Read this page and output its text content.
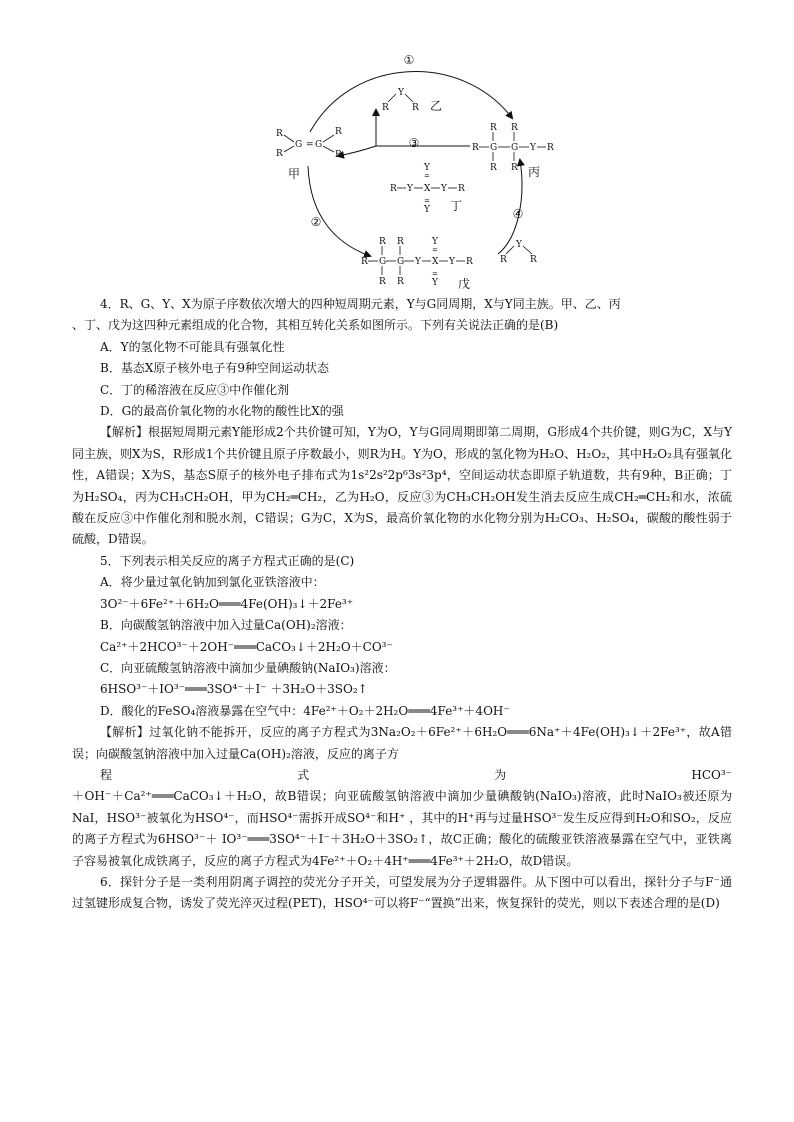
①
②
③
④
R
R
G = G
R
R
甲
Y
R	R 乙
R R
R G G Y R
R R 丙
Y
=
R Y X Y R
=
Y 丁
R R	Y
=
R G G Y X Y R
R R
=
Y 戊
Y
R	R

4．R、G、Y、X为原子序数依次增大的四种短周期元素，Y与G同周期，X与Y同主族。甲、乙、丙

、丁、戊为这四种元素组成的化合物，其相互转化关系如图所示。下列有关说法正确的是(B)

A．Y的氢化物不可能具有强氧化性

B．基态X原子核外电子有9种空间运动状态

C．丁的稀溶液在反应③中作催化剂

D．G的最高价氧化物的水化物的酸性比X的强

【解析】根据短周期元素Y能形成2个共价键可知，Y为O，Y与G同周期即第二周期，G形成4个共价键，则G为C，X与Y同主族，则X为S，R形成1个共价键且原子序数最小，则R为H。Y为O，形成的氢化物为H₂O、H₂O₂，其中H₂O₂具有强氧化性，A错误；X为S，基态S原子的核外电子排布式为1s²2s²2p⁶3s²3p⁴，空间运动状态即原子轨道数，共有9种，B正确；丁为H₂SO₄，丙为CH₃CH₂OH，甲为CH₂═CH₂，乙为H₂O，反应③为CH₃CH₂OH发生消去反应生成CH₂═CH₂和水，浓硫酸在反应③中作催化剂和脱水剂，C错误；G为C，X为S，最高价氧化物的水化物分别为H₂CO₃、H₂SO₄，碳酸的酸性弱于硫酸，D错误。

5．下列表示相关反应的离子方程式正确的是(C)

A．将少量过氧化钠加到氯化亚铁溶液中：

3O²⁻＋6Fe²⁺＋6H₂O═══4Fe(OH)₃↓＋2Fe³⁺

B．向碳酸氢钠溶液中加入过量Ca(OH)₂溶液：

Ca²⁺＋2HCO³⁻＋2OH⁻═══CaCO₃↓＋2H₂O＋CO³⁻

C．向亚硫酸氢钠溶液中滴加少量碘酸钠(NaIO₃)溶液：

6HSO³⁻＋IO³⁻═══3SO⁴⁻＋I⁻ ＋3H₂O＋3SO₂↑

D．酸化的FeSO₄溶液暴露在空气中：4Fe²⁺＋O₂＋2H₂O═══4Fe³⁺＋4OH⁻

【解析】过氧化钠不能拆开，反应的离子方程式为3Na₂O₂＋6Fe²⁺＋6H₂O═══6Na⁺＋4Fe(OH)₃↓＋2Fe³⁺，故A错误；向碳酸氢钠溶液中加入过量Ca(OH)₂溶液，反应的离子方

程 式 为 HCO³⁻

＋OH⁻＋Ca²⁺═══CaCO₃↓＋H₂O，故B错误；向亚硫酸氢钠溶液中滴加少量碘酸钠(NaIO₃)溶液，此时NaIO₃被还原为NaI，HSO³⁻被氧化为HSO⁴⁻，而HSO⁴⁻需拆开成SO⁴⁻和H⁺ ，其中的H⁺再与过量HSO³⁻发生反应得到H₂O和SO₂，反应的离子方程式为6HSO³⁻＋ IO³⁻═══3SO⁴⁻＋I⁻＋3H₂O＋3SO₂↑，故C正确；酸化的硫酸亚铁溶液暴露在空气中，亚铁离子容易被氧化成铁离子，反应的离子方程式为4Fe²⁺＋O₂＋4H⁺═══4Fe³⁺＋2H₂O，故D错误。

6．探针分子是一类利用阴离子调控的荧光分子开关，可望发展为分子逻辑器件。从下图中可以看出，探针分子与F⁻通过氢键形成复合物，诱发了荧光淬灭过程(PET)，HSO⁴⁻可以将F⁻“置换”出来，恢复探针的荧光，则以下表述合理的是(D)
